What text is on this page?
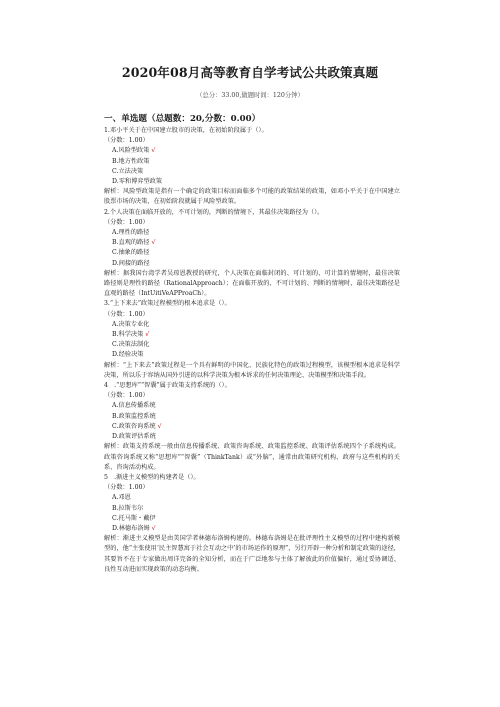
2020年08月高等教育自学考试公共政策真题
（总分：33.00,做题时间：120分钟）
一、单选题（总题数：20,分数：0.00）
1.邓小平关于在中国建立股市的决策，在初始阶段属于（）。
（分数：1.00）
A.风险型政策 √
B.地方性政策
C.立法决策
D.零和博弈型政策
解析：风险型政策是指有一个确定的政策目标而面临多个可能的政策结果的政策，如邓小平关于在中国建立股票市场的决策，在初始阶段就属于风险型政策。
2.个人决策在面临开放的，不可计划的，判断的情境下，其最佳决策路径为（）。
（分数：1.00）
A.理性的路径
B.直观的路径 √
C.抽象的路径
D.间接的路径
解析：据我国台湾学者吴琼恩教授的研究，个人决策在面临封闭的、可计划的、可计算的情境时，最佳决策路径则是理性的路径（RationalApproach）；在面临开放的、不可计划的、判断的情境时，最佳决策路径是直观的路径（IntUitiVeAPProaCh）。
3.“上下来去”政策过程模型的根本追求是（）。
（分数：1.00）
A.决策专业化
B.科学决策 √
C.决策法制化
D.经验决策
解析：“上下来去”政策过程是一个具有鲜明的中国化、民族化特色的政策过程模型，该模型根本追求是科学决策，所以乐于容纳从国外引进的以科学决策为根本诉求的任何决策理论、决策模型和决策手段。
4　.“思想库”“智囊”属于政策支持系统的（）。
（分数：1.00）
A.信息传播系统
B.政策监控系统
C.政策咨询系统 √
D.政策评估系统
解析：政策支持系统一般由信息传播系统、政策咨询系统、政策监控系统、政策评估系统四个子系统构成。政策咨询系统又称“思想库”“智囊”（ThinkTank）或“外脑”，通常由政策研究机构、政府与这些机构的关系、咨询活动构成。
5　.渐进主义模型的构建者是（）。
（分数：1.00）
A.邓恩
B.拉斯韦尔
C.托马斯・戴伊
D.林德布洛姆 √
解析：渐进主义模型是由美国学者林德布洛姆构建的。林德布洛姆是在批评理性主义模型的过程中建构新模型的，他“主张使用‘民主智慧寓于社会互动之中’的市场运作的原理”，另行开辟一种分析和制定政策的途径，其要旨不在于专家做出周详完备的全知分析，而在于广泛地参与主体了解彼此的价值偏好，通过妥协调适、良性互动进而实现政策的动态均衡。
